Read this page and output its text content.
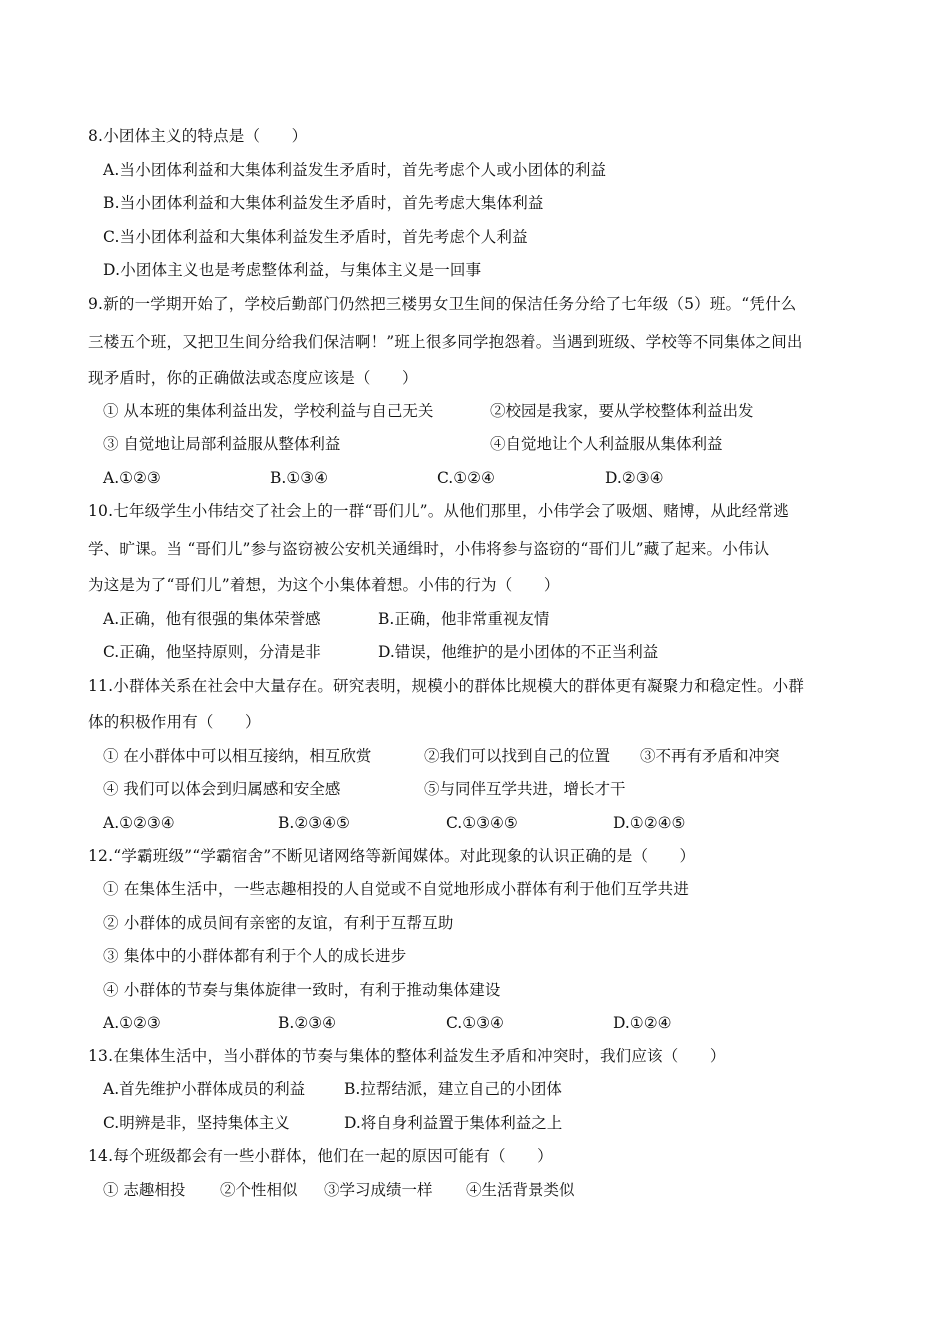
8.小团体主义的特点是（　　）
A.当小团体利益和大集体利益发生矛盾时，首先考虑个人或小团体的利益
B.当小团体利益和大集体利益发生矛盾时，首先考虑大集体利益
C.当小团体利益和大集体利益发生矛盾时，首先考虑个人利益
D.小团体主义也是考虑整体利益，与集体主义是一回事
9.新的一学期开始了，学校后勤部门仍然把三楼男女卫生间的保洁任务分给了七年级（5）班。“凭什么
三楼五个班，又把卫生间分给我们保洁啊！”班上很多同学抱怨着。当遇到班级、学校等不同集体之间出
现矛盾时，你的正确做法或态度应该是（　　）
① 从本班的集体利益出发，学校利益与自己无关	②校园是我家，要从学校整体利益出发
③ 自觉地让局部利益服从整体利益	④自觉地让个人利益服从集体利益
A.①②③	B.①③④	C.①②④	D.②③④
10.七年级学生小伟结交了社会上的一群“哥们儿”。从他们那里，小伟学会了吸烟、赌博，从此经常逃
学、旷课。当 “哥们儿”参与盗窃被公安机关通缉时，小伟将参与盗窃的“哥们儿”藏了起来。小伟认
为这是为了“哥们儿”着想，为这个小集体着想。小伟的行为（　　）
A.正确，他有很强的集体荣誉感	B.正确，他非常重视友情
C.正确，他坚持原则，分清是非	D.错误，他维护的是小团体的不正当利益
11.小群体关系在社会中大量存在。研究表明，规模小的群体比规模大的群体更有凝聚力和稳定性。小群
体的积极作用有（　　）
① 在小群体中可以相互接纳，相互欣赏	②我们可以找到自己的位置 ③不再有矛盾和冲突
④ 我们可以体会到归属感和安全感	⑤与同伴互学共进，增长才干
A.①②③④	B.②③④⑤	C.①③④⑤	D.①②④⑤
12.“学霸班级”“学霸宿舍”不断见诸网络等新闻媒体。对此现象的认识正确的是（　　）
① 在集体生活中，一些志趣相投的人自觉或不自觉地形成小群体有利于他们互学共进
② 小群体的成员间有亲密的友谊，有利于互帮互助
③ 集体中的小群体都有利于个人的成长进步
④ 小群体的节奏与集体旋律一致时，有利于推动集体建设
A.①②③	B.②③④	C.①③④	D.①②④
13.在集体生活中，当小群体的节奏与集体的整体利益发生矛盾和冲突时，我们应该（　　）
A.首先维护小群体成员的利益	B.拉帮结派，建立自己的小团体
C.明辨是非，坚持集体主义	D.将自身利益置于集体利益之上
14.每个班级都会有一些小群体，他们在一起的原因可能有（　　）
① 志趣相投 ②个性相似 ③学习成绩一样 ④生活背景类似
